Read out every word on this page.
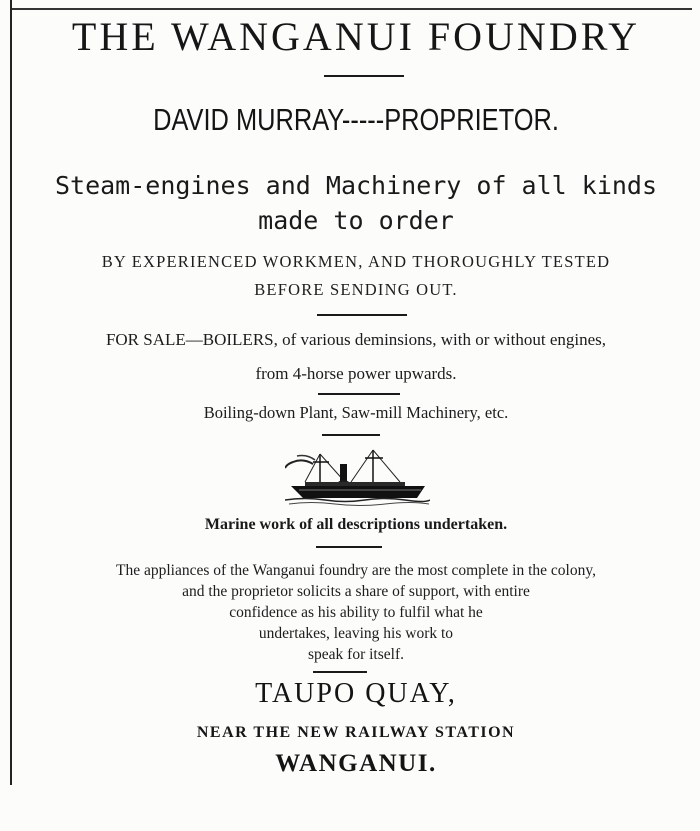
THE WANGANUI FOUNDRY
DAVID MURRAY-----PROPRIETOR.
Steam-engines and Machinery of all kinds
made to order
BY EXPERIENCED WORKMEN, AND THOROUGHLY TESTED
BEFORE SENDING OUT.
FOR SALE—BOILERS, of various deminsions, with or without engines,
from 4-horse power upwards.
Boiling-down Plant, Saw-mill Machinery, etc.
Marine work of all descriptions undertaken.
The appliances of the Wanganui foundry are the most complete in the colony,
and the proprietor solicits a share of support, with entire
confidence as his ability to fulfil what he
undertakes, leaving his work to
speak for itself.
TAUPO QUAY,
NEAR THE NEW RAILWAY STATION
WANGANUI.
